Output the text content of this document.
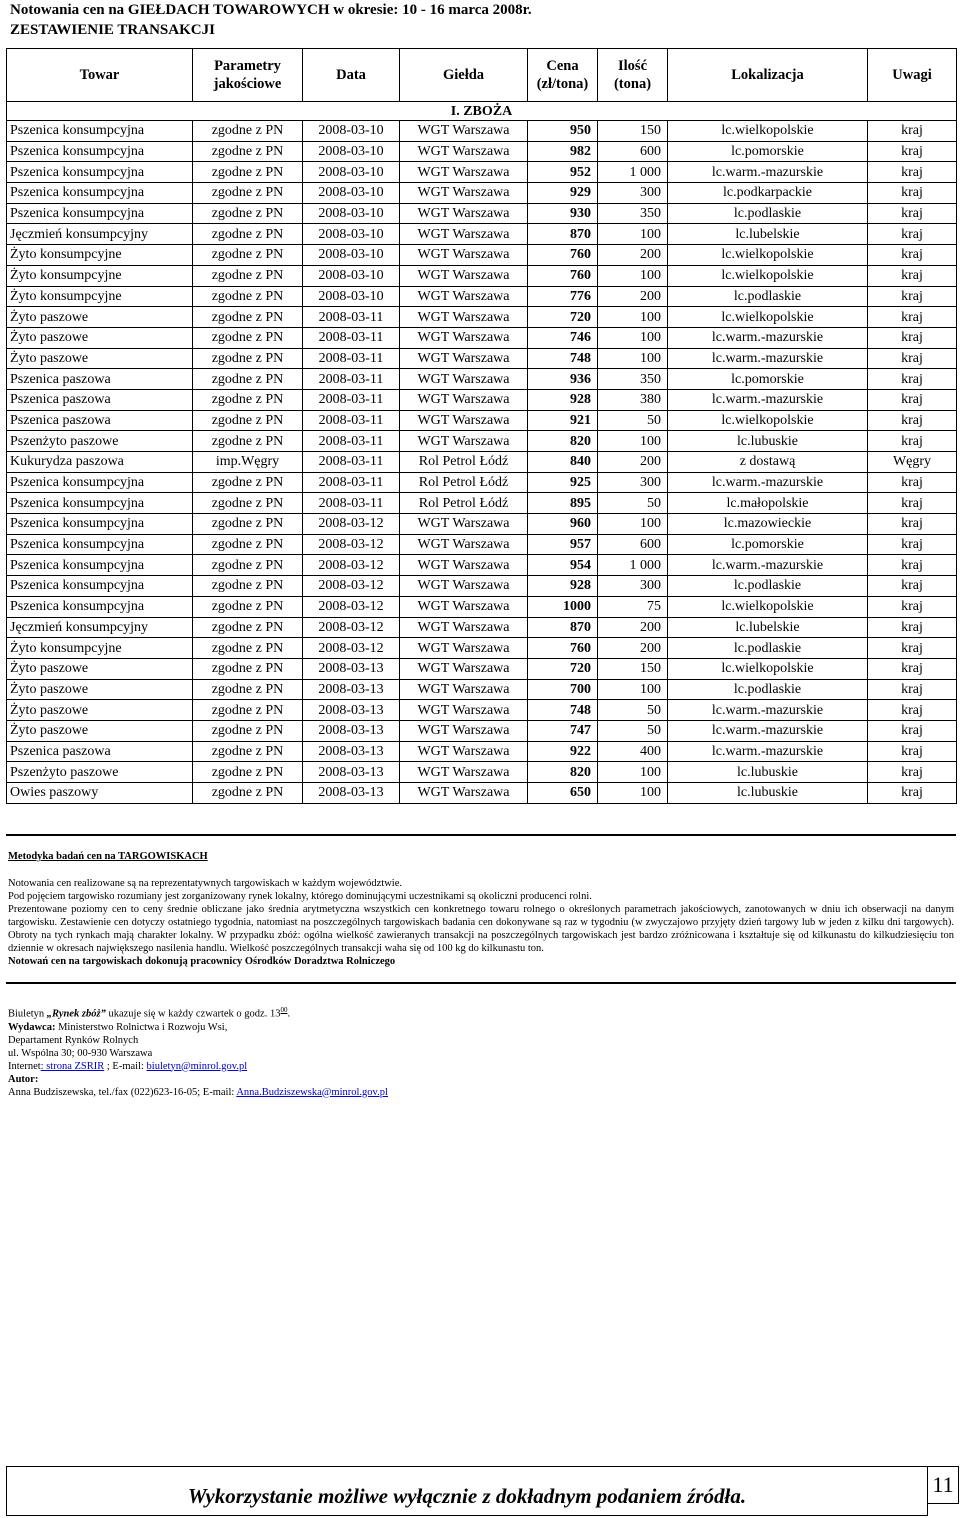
Notowania cen na GIEŁDACH TOWAROWYCH w okresie: 10 - 16 marca 2008r.
ZESTAWIENIE TRANSAKCJI
Towar	Parametry jakościowe	Data	Giełda	Cena (zł/tona)	Ilość (tona)	Lokalizacja	Uwagi
I. ZBOŻA							
Pszenica konsumpcyjna	zgodne z PN	2008-03-10	WGT Warszawa	950	150	lc.wielkopolskie	kraj
Pszenica konsumpcyjna	zgodne z PN	2008-03-10	WGT Warszawa	982	600	lc.pomorskie	kraj
Pszenica konsumpcyjna	zgodne z PN	2008-03-10	WGT Warszawa	952	1 000	lc.warm.-mazurskie	kraj
Pszenica konsumpcyjna	zgodne z PN	2008-03-10	WGT Warszawa	929	300	lc.podkarpackie	kraj
Pszenica konsumpcyjna	zgodne z PN	2008-03-10	WGT Warszawa	930	350	lc.podlaskie	kraj
Jęczmień konsumpcyjny	zgodne z PN	2008-03-10	WGT Warszawa	870	100	lc.lubelskie	kraj
Żyto konsumpcyjne	zgodne z PN	2008-03-10	WGT Warszawa	760	200	lc.wielkopolskie	kraj
Żyto konsumpcyjne	zgodne z PN	2008-03-10	WGT Warszawa	760	100	lc.wielkopolskie	kraj
Żyto konsumpcyjne	zgodne z PN	2008-03-10	WGT Warszawa	776	200	lc.podlaskie	kraj
Żyto paszowe	zgodne z PN	2008-03-11	WGT Warszawa	720	100	lc.wielkopolskie	kraj
Żyto paszowe	zgodne z PN	2008-03-11	WGT Warszawa	746	100	lc.warm.-mazurskie	kraj
Żyto paszowe	zgodne z PN	2008-03-11	WGT Warszawa	748	100	lc.warm.-mazurskie	kraj
Pszenica paszowa	zgodne z PN	2008-03-11	WGT Warszawa	936	350	lc.pomorskie	kraj
Pszenica paszowa	zgodne z PN	2008-03-11	WGT Warszawa	928	380	lc.warm.-mazurskie	kraj
Pszenica paszowa	zgodne z PN	2008-03-11	WGT Warszawa	921	50	lc.wielkopolskie	kraj
Pszenżyto paszowe	zgodne z PN	2008-03-11	WGT Warszawa	820	100	lc.lubuskie	kraj
Kukurydza paszowa	imp.Węgry	2008-03-11	Rol Petrol Łódź	840	200	z dostawą	Węgry
Pszenica konsumpcyjna	zgodne z PN	2008-03-11	Rol Petrol Łódź	925	300	lc.warm.-mazurskie	kraj
Pszenica konsumpcyjna	zgodne z PN	2008-03-11	Rol Petrol Łódź	895	50	lc.małopolskie	kraj
Pszenica konsumpcyjna	zgodne z PN	2008-03-12	WGT Warszawa	960	100	lc.mazowieckie	kraj
Pszenica konsumpcyjna	zgodne z PN	2008-03-12	WGT Warszawa	957	600	lc.pomorskie	kraj
Pszenica konsumpcyjna	zgodne z PN	2008-03-12	WGT Warszawa	954	1 000	lc.warm.-mazurskie	kraj
Pszenica konsumpcyjna	zgodne z PN	2008-03-12	WGT Warszawa	928	300	lc.podlaskie	kraj
Pszenica konsumpcyjna	zgodne z PN	2008-03-12	WGT Warszawa	1000	75	lc.wielkopolskie	kraj
Jęczmień konsumpcyjny	zgodne z PN	2008-03-12	WGT Warszawa	870	200	lc.lubelskie	kraj
Żyto konsumpcyjne	zgodne z PN	2008-03-12	WGT Warszawa	760	200	lc.podlaskie	kraj
Żyto paszowe	zgodne z PN	2008-03-13	WGT Warszawa	720	150	lc.wielkopolskie	kraj
Żyto paszowe	zgodne z PN	2008-03-13	WGT Warszawa	700	100	lc.podlaskie	kraj
Żyto paszowe	zgodne z PN	2008-03-13	WGT Warszawa	748	50	lc.warm.-mazurskie	kraj
Żyto paszowe	zgodne z PN	2008-03-13	WGT Warszawa	747	50	lc.warm.-mazurskie	kraj
Pszenica paszowa	zgodne z PN	2008-03-13	WGT Warszawa	922	400	lc.warm.-mazurskie	kraj
Pszenżyto paszowe	zgodne z PN	2008-03-13	WGT Warszawa	820	100	lc.lubuskie	kraj
Owies paszowy	zgodne z PN	2008-03-13	WGT Warszawa	650	100	lc.lubuskie	kraj
Metodyka badań cen na TARGOWISKACH

Notowania cen realizowane są na reprezentatywnych targowiskach w każdym województwie.

Pod pojęciem targowisko rozumiany jest zorganizowany rynek lokalny, którego dominującymi uczestnikami są okoliczni producenci rolni.

Prezentowane poziomy cen to ceny średnie obliczane jako średnia arytmetyczna wszystkich cen konkretnego towaru rolnego o określonych parametrach jakościowych, zanotowanych w dniu ich obserwacji na danym targowisku. Zestawienie cen dotyczy ostatniego tygodnia, natomiast na poszczególnych targowiskach badania cen dokonywane są raz w tygodniu (w zwyczajowo przyjęty dzień targowy lub w jeden z kilku dni targowych). Obroty na tych rynkach mają charakter lokalny. W przypadku zbóż: ogólna wielkość zawieranych transakcji na poszczególnych targowiskach jest bardzo zróżnicowana i kształtuje się od kilkunastu do kilkudziesięciu ton dziennie w okresach największego nasilenia handlu. Wielkość poszczególnych transakcji waha się od 100 kg do kilkunastu ton.

Notowań cen na targowiskach dokonują pracownicy Ośrodków Doradztwa Rolniczego

Biuletyn „Rynek zbóż” ukazuje się w każdy czwartek o godz. $13^{00}$.
Wydawca: Ministerstwo Rolnictwa i Rozwoju Wsi,
Departament Rynków Rolnych
ul. Wspólna 30; 00-930 Warszawa
Internet: strona ZSRIR ; E-mail: biuletyn@minrol.gov.pl
Autor:
Anna Budziszewska, tel./fax (022)623-16-05; E-mail: Anna.Budziszewska@minrol.gov.pl
Wykorzystanie możliwe wyłącznie z dokładnym podaniem źródła.	11
